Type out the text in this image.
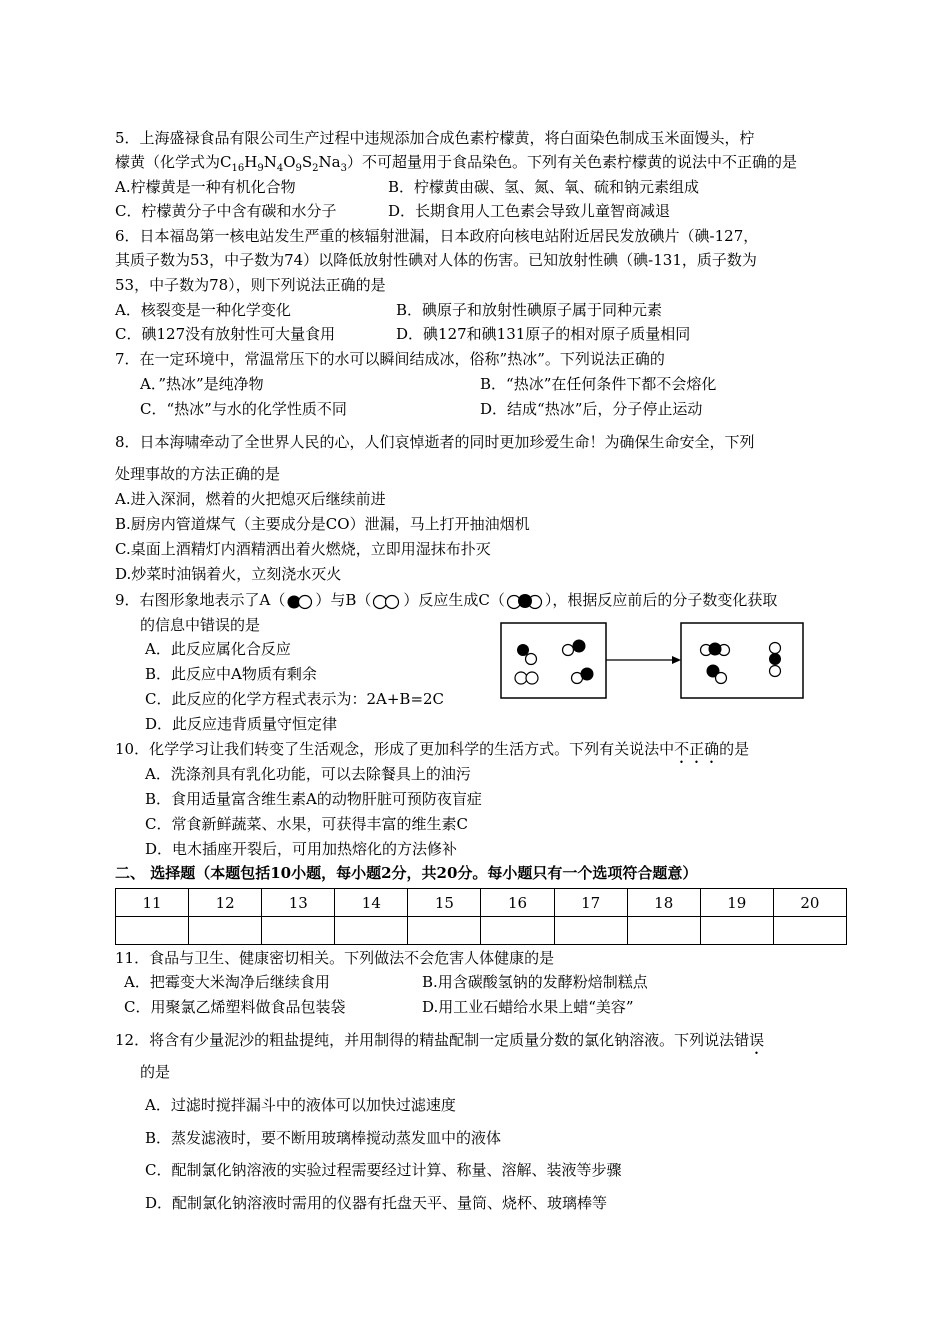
5．上海盛禄食品有限公司生产过程中违规添加合成色素柠檬黄，将白面染色制成玉米面馒头，柠
檬黄（化学式为$C_{16}H_9N_4O_9S_2Na_3$）不可超量用于食品染色。下列有关色素柠檬黄的说法中不正确的是
A.柠檬黄是一种有机化合物	B．柠檬黄由碳、氢、氮、氧、硫和钠元素组成
C．柠檬黄分子中含有碳和水分子	D．长期食用人工色素会导致儿童智商减退
6．日本福岛第一核电站发生严重的核辐射泄漏，日本政府向核电站附近居民发放碘片（碘-127，
其质子数为53，中子数为74）以降低放射性碘对人体的伤害。已知放射性碘（碘-131，质子数为
53，中子数为78），则下列说法正确的是
A．核裂变是一种化学变化	B．碘原子和放射性碘原子属于同种元素
C．碘127没有放射性可大量食用	D．碘127和碘131原子的相对原子质量相同
7．在一定环境中，常温常压下的水可以瞬间结成冰，俗称”热冰”。下列说法正确的
A．”热冰”是纯净物	B．“热冰”在任何条件下都不会熔化
C．“热冰”与水的化学性质不同	D．结成“热冰”后，分子停止运动
8．日本海啸牵动了全世界人民的心，人们哀悼逝者的同时更加珍爱生命！为确保生命安全，下列
处理事故的方法正确的是
A.进入深洞，燃着的火把熄灭后继续前进
B.厨房内管道煤气（主要成分是CO）泄漏，马上打开抽油烟机
C.桌面上酒精灯内酒精洒出着火燃烧，立即用湿抹布扑灭
D.炒菜时油锅着火，立刻浇水灭火
9．右图形象地表示了A（ ）与B（ ）反应生成C（	），根据反应前后的分子数变化获取
的信息中错误的是
A．此反应属化合反应
B．此反应中A物质有剩余
C．此反应的化学方程式表示为：2A+B=2C
D．此反应违背质量守恒定律
10．化学学习让我们转变了生活观念，形成了更加科学的生活方式。下列有关说法中不正确的是
A．洗涤剂具有乳化功能，可以去除餐具上的油污
B．食用适量富含维生素A的动物肝脏可预防夜盲症
C．常食新鲜蔬菜、水果，可获得丰富的维生素C
D．电木插座开裂后，可用加热熔化的方法修补
二、 选择题（本题包括10小题，每小题2分，共20分。每小题只有一个选项符合题意）
11	12	13	14	15	16	17	18	19	20

11．食品与卫生、健康密切相关。下列做法不会危害人体健康的是
A．把霉变大米淘净后继续食用	B.用含碳酸氢钠的发酵粉焙制糕点
C．用聚氯乙烯塑料做食品包装袋	D.用工业石蜡给水果上蜡“美容”
12．将含有少量泥沙的粗盐提纯，并用制得的精盐配制一定质量分数的氯化钠溶液。下列说法错误
的是
A．过滤时搅拌漏斗中的液体可以加快过滤速度
B．蒸发滤液时，要不断用玻璃棒搅动蒸发皿中的液体
C．配制氯化钠溶液的实验过程需要经过计算、称量、溶解、装液等步骤
D．配制氯化钠溶液时需用的仪器有托盘天平、量筒、烧杯、玻璃棒等
